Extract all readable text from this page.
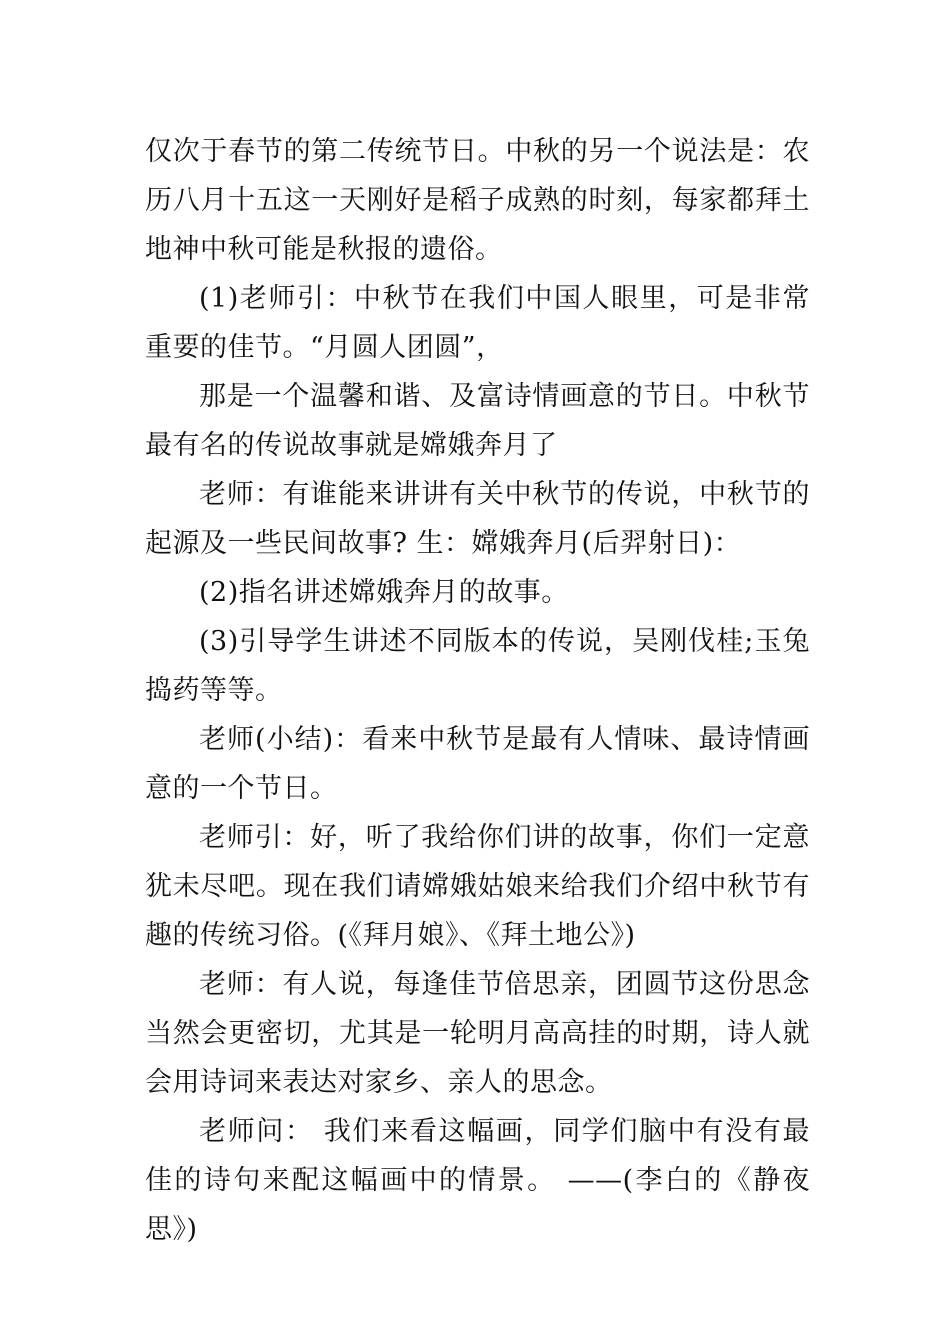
仅次于春节的第二传统节日。中秋的另一个说法是：农历八月十五这一天刚好是稻子成熟的时刻，每家都拜土地神中秋可能是秋报的遗俗。

(1)老师引：中秋节在我们中国人眼里，可是非常重要的佳节。“月圆人团圆”，

那是一个温馨和谐、及富诗情画意的节日。中秋节最有名的传说故事就是嫦娥奔月了

老师：有谁能来讲讲有关中秋节的传说，中秋节的起源及一些民间故事? 生：嫦娥奔月(后羿射日)：

(2)指名讲述嫦娥奔月的故事。

(3)引导学生讲述不同版本的传说，吴刚伐桂;玉兔捣药等等。

老师(小结)：看来中秋节是最有人情味、最诗情画意的一个节日。

老师引：好，听了我给你们讲的故事，你们一定意犹未尽吧。现在我们请嫦娥姑娘来给我们介绍中秋节有趣的传统习俗。(《拜月娘》、《拜土地公》)

老师：有人说，每逢佳节倍思亲，团圆节这份思念当然会更密切，尤其是一轮明月高高挂的时期，诗人就会用诗词来表达对家乡、亲人的思念。

老师问： 我们来看这幅画，同学们脑中有没有最佳的诗句来配这幅画中的情景。 ——(李白的《静夜思》)
